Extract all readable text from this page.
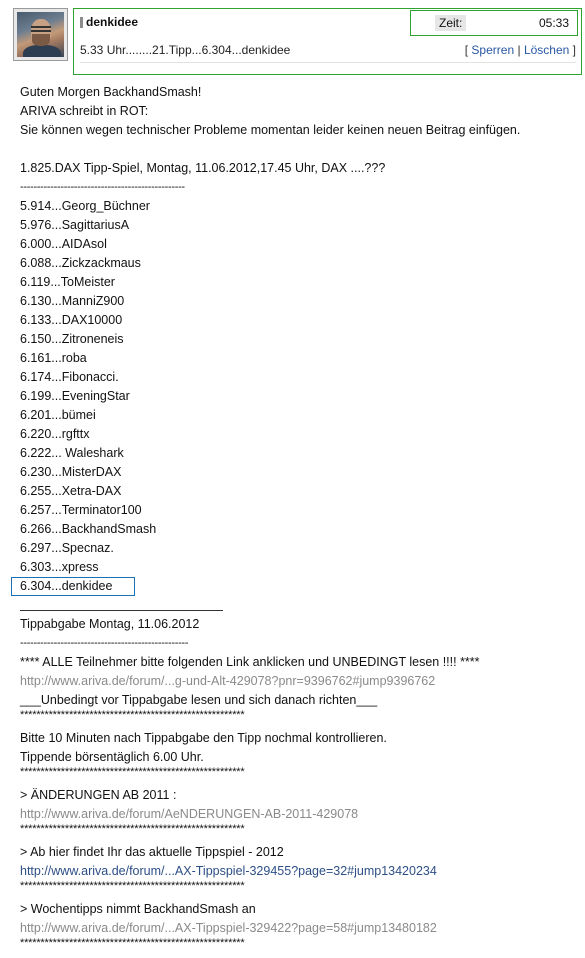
denkidee	Zeit:	05:33
5.33 Uhr........21.Tipp...6.304...denkidee	[ Sperren | Löschen ]
Guten Morgen BackhandSmash!
ARIVA schreibt in ROT:
Sie können wegen technischer Probleme momentan leider keinen neuen Beitrag einfügen.
1.825.DAX Tipp-Spiel, Montag, 11.06.2012,17.45 Uhr, DAX ....???
-------------------------------------------------
5.914...Georg_Büchner
5.976...SagittariusA
6.000...AIDAsol
6.088...Zickzackmaus
6.119...ToMeister
6.130...ManniZ900
6.133...DAX10000
6.150...Zitroneneis
6.161...roba
6.174...Fibonacci.
6.199...EveningStar
6.201...bümei
6.220...rgfttx
6.222... Waleshark
6.230...MisterDAX
6.255...Xetra-DAX
6.257...Terminator100
6.266...BackhandSmash
6.297...Specnaz.
6.303...xpress
6.304...denkidee
Tippabgabe Montag, 11.06.2012
--------------------------------------------------
**** ALLE Teilnehmer bitte folgenden Link anklicken und UNBEDINGT lesen !!!! ****
http://www.ariva.de/forum/...g-und-Alt-429078?pnr=9396762#jump9396762
___Unbedingt vor Tippabgabe lesen und sich danach richten___
*******************************************************
Bitte 10 Minuten nach Tippabgabe den Tipp nochmal kontrollieren.
Tippende börsentäglich 6.00 Uhr.
*******************************************************
> ÄNDERUNGEN AB 2011 :
http://www.ariva.de/forum/AeNDERUNGEN-AB-2011-429078
*******************************************************
> Ab hier findet Ihr das aktuelle Tippspiel - 2012
http://www.ariva.de/forum/...AX-Tippspiel-329455?page=32#jump13420234
*******************************************************
> Wochentipps nimmt BackhandSmash an
http://www.ariva.de/forum/...AX-Tippspiel-329422?page=58#jump13480182
*******************************************************
